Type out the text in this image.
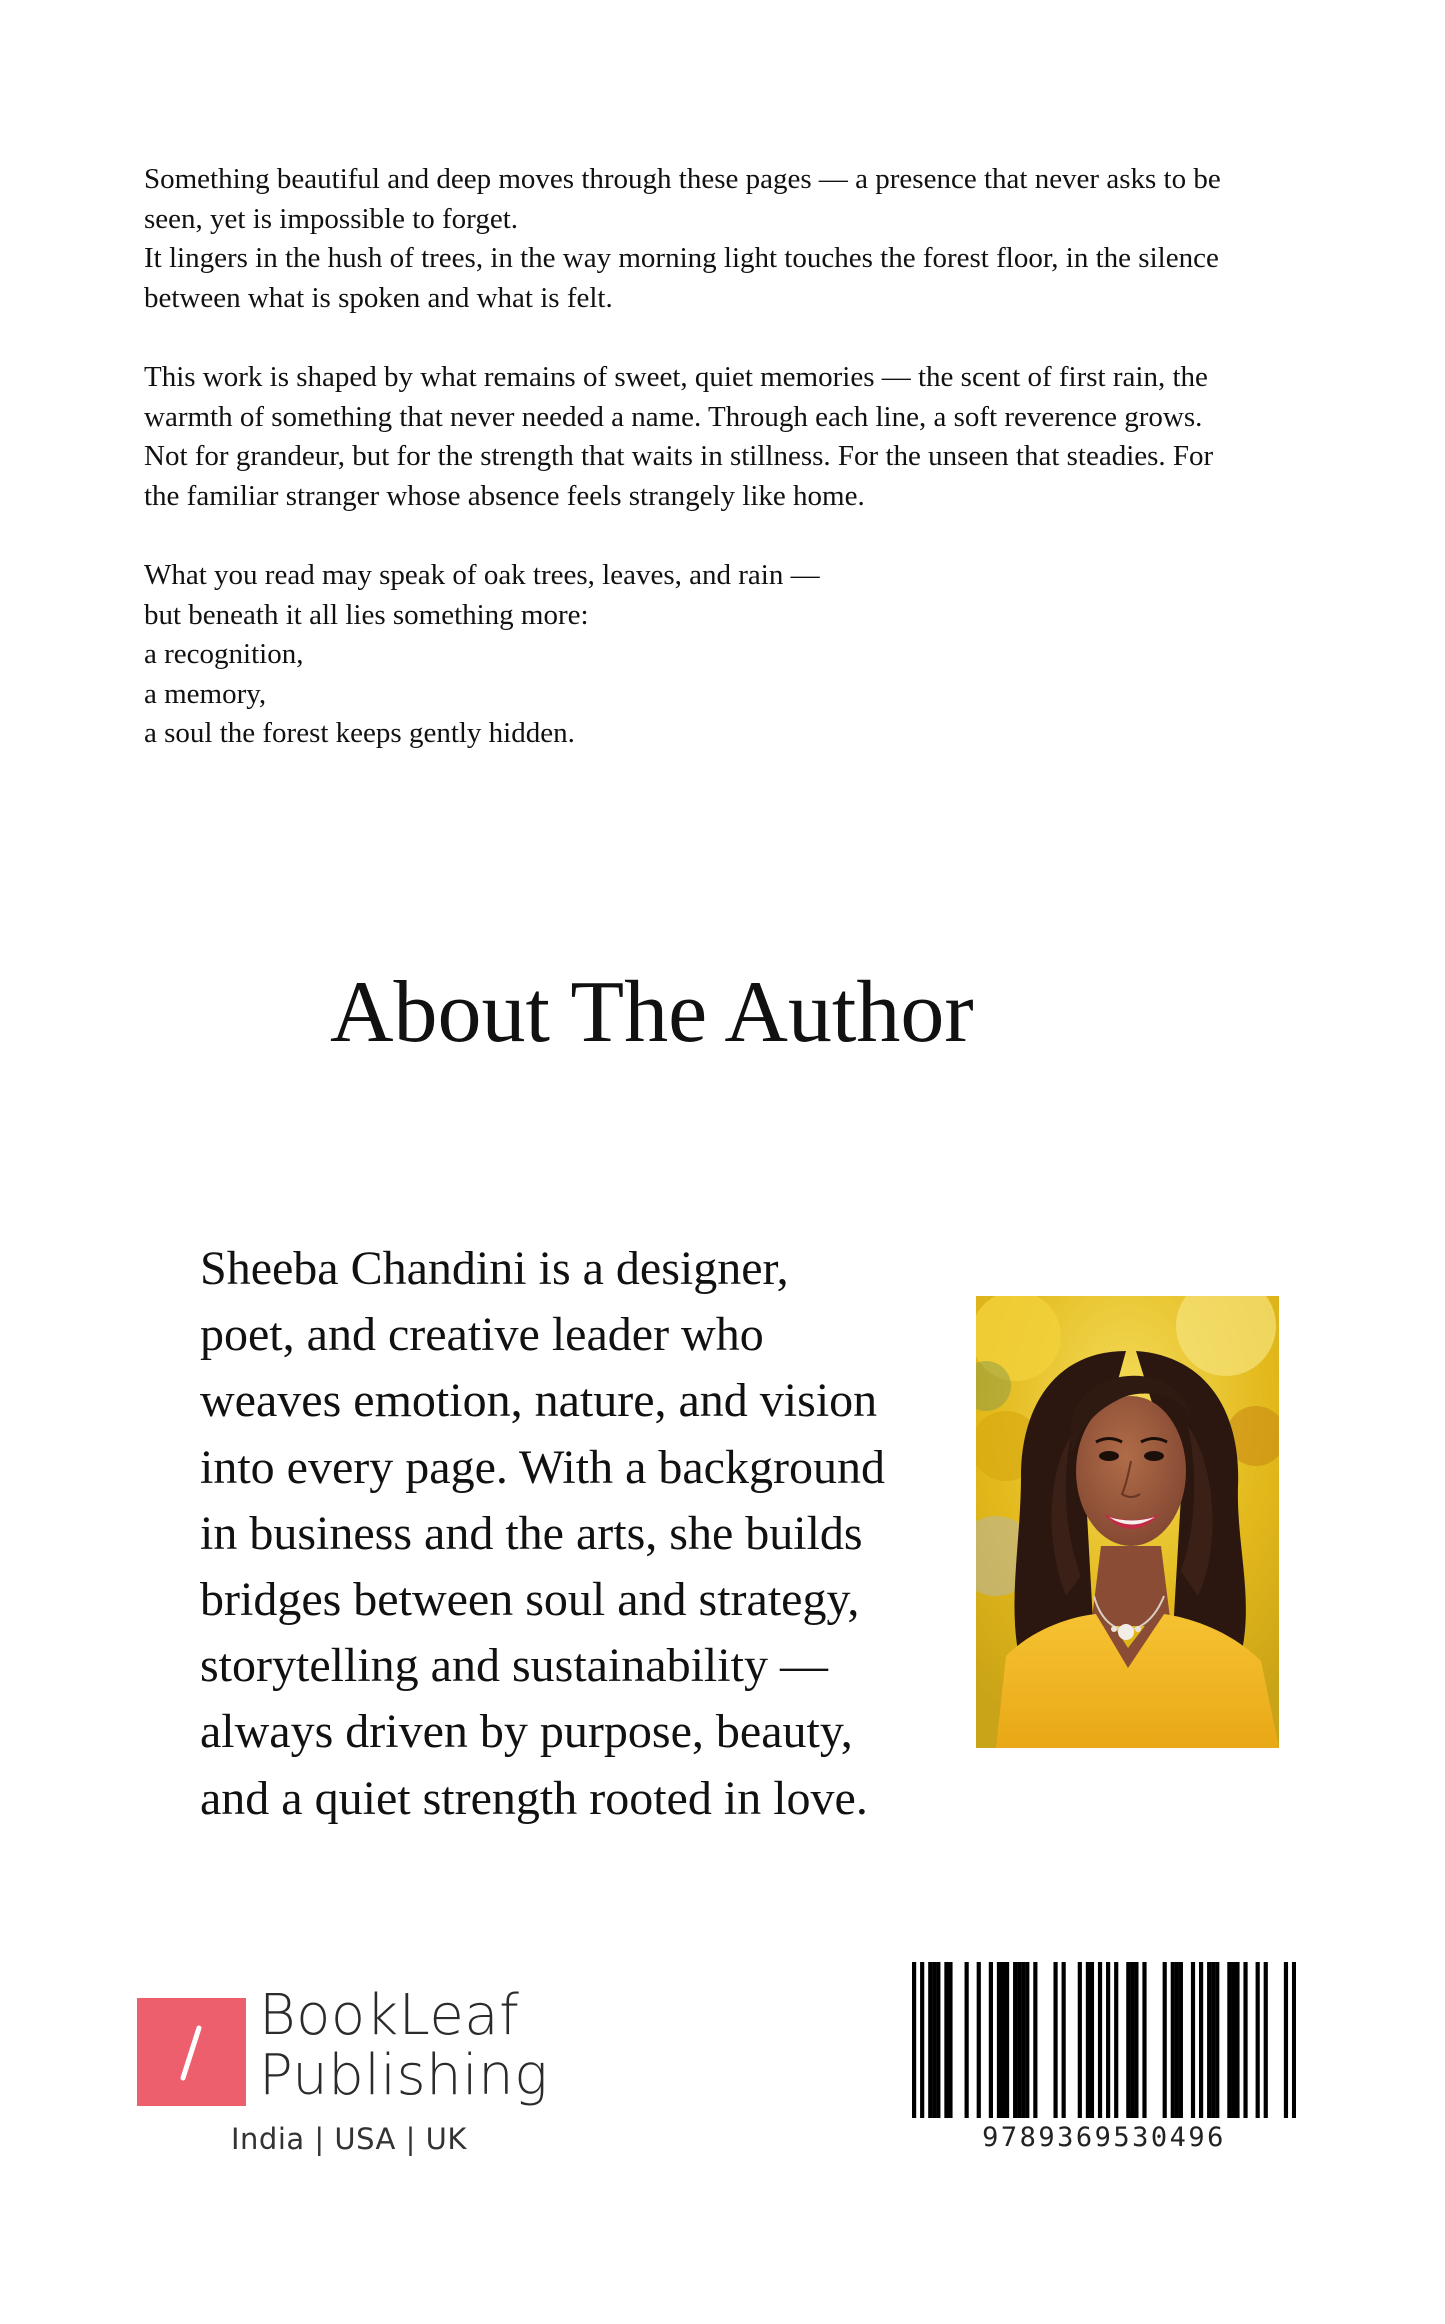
Something beautiful and deep moves through these pages — a presence that never asks to be
seen, yet is impossible to forget.
It lingers in the hush of trees, in the way morning light touches the forest floor, in the silence
between what is spoken and what is felt.

This work is shaped by what remains of sweet, quiet memories — the scent of first rain, the
warmth of something that never needed a name. Through each line, a soft reverence grows.
Not for grandeur, but for the strength that waits in stillness. For the unseen that steadies. For
the familiar stranger whose absence feels strangely like home.

What you read may speak of oak trees, leaves, and rain —
but beneath it all lies something more:
a recognition,
a memory,
a soul the forest keeps gently hidden.

About The Author

Sheeba Chandini is a designer,
poet, and creative leader who
weaves emotion, nature, and vision
into every page. With a background
in business and the arts, she builds
bridges between soul and strategy,
storytelling and sustainability —
always driven by purpose, beauty,
and a quiet strength rooted in love.

BookLeaf
Publishing
India | USA | UK	9789369530496
